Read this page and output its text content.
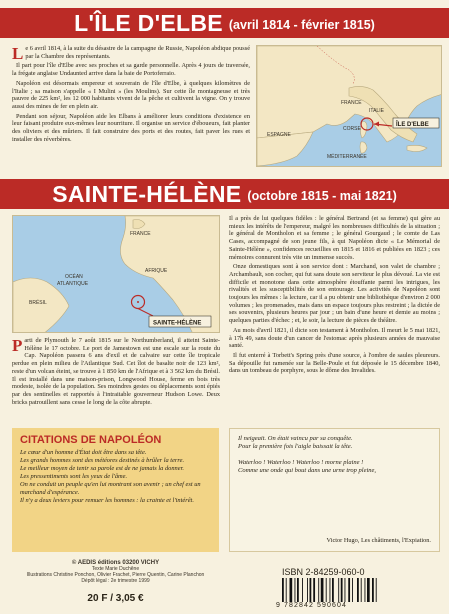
L'ÎLE D'ELBE (avril 1814 - février 1815)

Le 6 avril 1814, à la suite du désastre de la campagne de Russie, Napoléon abdique poussé par la Chambre des représentants.

Il part pour l'île d'Elbe avec ses proches et sa garde personnelle. Après 4 jours de traversée, la frégate anglaise Undaunted arrive dans la baie de Portoferraio.

Napoléon est désormais empereur et souverain de l'île d'Elbe, à quelques kilomètres de l'Italie ; sa maison s'appelle « I Mulini » (les Moulins). Sur cette île montagneuse et très pauvre de 225 km², les 12 000 habitants vivent de la pêche et cultivent la vigne. On y trouve aussi des mines de fer en plein air.

Pendant son séjour, Napoléon aide les Elbans à améliorer leurs conditions d'existence en leur faisant produire eux-mêmes leur nourriture. Il organise un service d'éboueurs, fait planter des oliviers et des mûriers. Il fait construire des ports et des routes, fait paver les rues et installer des réverbères.

FRANCE
ITALIE
CORSE
ESPAGNE
MÉDITERRANÉE
ÎLE D'ELBE
SAINTE-HÉLÈNE (octobre 1815 - mai 1821)
FRANCE
AFRIQUE
OCÉAN
ATLANTIQUE
BRÉSIL
SAINTE-HÉLÈNE

Parti de Plymouth le 7 août 1815 sur le Northumberland, il atteint Sainte-Hélène le 17 octobre. Le port de Jamestown est une escale sur la route du Cap. Napoléon passera 6 ans d'exil et de calvaire sur cette île tropicale perdue en plein milieu de l'Atlantique Sud. Cet îlot de basalte noir de 123 km², reste d'un volcan éteint, se trouve à 1 850 km de l'Afrique et à 3 562 km du Brésil. Il est installé dans une maison-prison, Longwood House, ferme en bois très modeste, isolée de la population. Ses moindres gestes ou déplacements sont épiés par des sentinelles et rapportés à l'intraitable gouverneur Hudson Lowe. Deux bricks patrouillent sans cesse le long de la côte abrupte.

Il a près de lui quelques fidèles : le général Bertrand (et sa femme) qui gère au mieux les intérêts de l'empereur, malgré les nombreuses difficultés de la situation ; le général de Montholon et sa femme ; le général Gourgaud ; le comte de Las Cases, accompagné de son jeune fils, à qui Napoléon dicte « Le Mémorial de Sainte-Hélène », confidences recueillies en 1815 et 1816 et publiées en 1823 ; ces mémoires connurent très vite un immense succès.

Onze domestiques sont à son service dont : Marchand, son valet de chambre ; Archambault, son cocher, qui fut sans doute son serviteur le plus dévoué. La vie est difficile et monotone dans cette atmosphère étouffante parmi les intrigues, les rivalités et les susceptibilités de son entourage. Les activités de Napoléon sont toujours les mêmes : la lecture, car il a pu obtenir une bibliothèque d'environ 2 000 volumes ; les promenades, mais dans un espace toujours plus restreint ; la dictée de ses souvenirs, plusieurs heures par jour ; un bain d'une heure et demie au moins ; quelques parties d'échec ; et, le soir, la lecture de pièces de théâtre.

Au mois d'avril 1821, il dicte son testament à Montholon. Il meurt le 5 mai 1821, à 17h 49, sans doute d'un cancer de l'estomac après plusieurs années de mauvaise santé.

Il fut enterré à Torbett's Spring près d'une source, à l'ombre de saules pleureurs. Sa dépouille fut ramenée sur la Belle-Poule et fut déposée le 15 décembre 1840, dans un tombeau de porphyre, sous le dôme des Invalides.

CITATIONS DE NAPOLÉON
Le cœur d'un homme d'État doit être dans sa tête.
Les grands hommes sont des météores destinés à brûler la terre.
Le meilleur moyen de tenir sa parole est de ne jamais la donner.
Les pressentiments sont les yeux de l'âme.
On ne conduit un peuple qu'en lui montrant son avenir ; un chef est un marchand d'espérance.
Il n'y a deux leviers pour remuer les hommes : la crainte et l'intérêt.
Il neigeait. On était vaincu par sa conquête.
Pour la première fois l'aigle baissait la tête.
Waterloo ! Waterloo ! Waterloo ! morne plaine !
Comme une onde qui bout dans une urne trop pleine,
Victor Hugo, Les châtiments, l'Expiation.
© AEDIS éditions 03200 VICHY
Texte Marie Duchêne
Illustrations Christine Ponchon, Olivier Frachet, Pierre Quentin, Carine Planchon
Dépôt légal : 2e trimestre 1999
20 F / 3,05 €
ISBN 2-84259-060-0
9 782842 590604
